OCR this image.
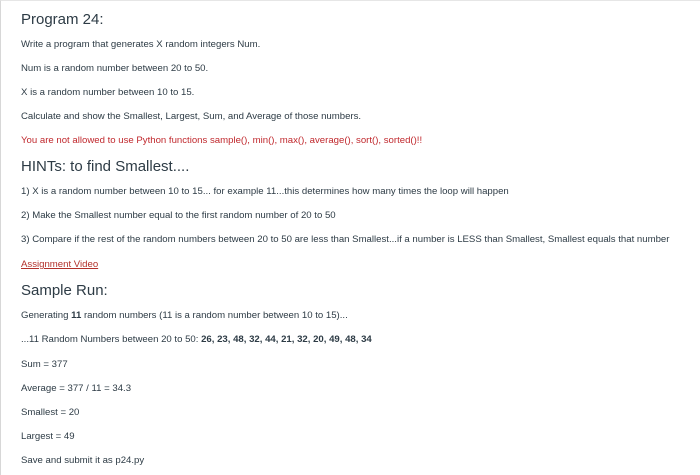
Program 24:
Write a program that generates X random integers Num.
Num is a random number between 20 to 50.
X is a random number between 10 to 15.
Calculate and show the Smallest, Largest, Sum, and Average of those numbers.
You are not allowed to use Python functions sample(), min(), max(), average(), sort(), sorted()!!
HINTs: to find Smallest....
1) X is a random number between 10 to 15... for example 11...this determines how many times the loop will happen
2) Make the Smallest number equal to the first random number of 20 to 50
3) Compare if the rest of the random numbers between 20 to 50 are less than Smallest...if a number is LESS than Smallest, Smallest equals that number
Assignment Video
Sample Run:
Generating 11 random numbers (11 is a random number between 10 to 15)...
...11 Random Numbers between 20 to 50: 26, 23, 48, 32, 44, 21, 32, 20, 49, 48, 34
Sum = 377
Average = 377 / 11 = 34.3
Smallest = 20
Largest = 49
Save and submit it as p24.py
